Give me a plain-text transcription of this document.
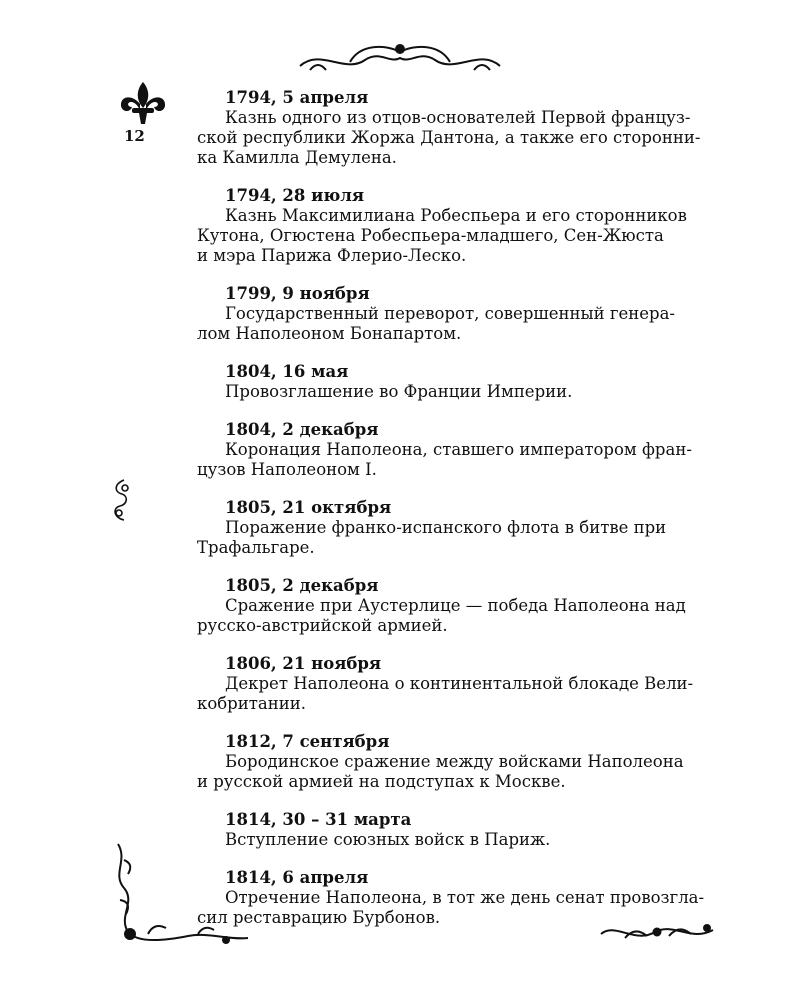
12
1794, 5 апреля
Казнь одного из отцов-основателей Первой француз-
ской республики Жоржа Дантона, а также его сторонни-
ка Камилла Демулена.
1794, 28 июля
Казнь Максимилиана Робеспьера и его сторонников
Кутона, Огюстена Робеспьера-младшего, Сен-Жюста
и мэра Парижа Флерио-Леско.
1799, 9 ноября
Государственный переворот, совершенный генера-
лом Наполеоном Бонапартом.
1804, 16 мая
Провозглашение во Франции Империи.
1804, 2 декабря
Коронация Наполеона, ставшего императором фран-
цузов Наполеоном I.
1805, 21 октября
Поражение франко-испанского флота в битве при
Трафальгаре.
1805, 2 декабря
Сражение при Аустерлице — победа Наполеона над
русско-австрийской армией.
1806, 21 ноября
Декрет Наполеона о континентальной блокаде Вели-
кобритании.
1812, 7 сентября
Бородинское сражение между войсками Наполеона
и русской армией на подступах к Москве.
1814, 30 – 31 марта
Вступление союзных войск в Париж.
1814, 6 апреля
Отречение Наполеона, в тот же день сенат провозгла-
сил реставрацию Бурбонов.
